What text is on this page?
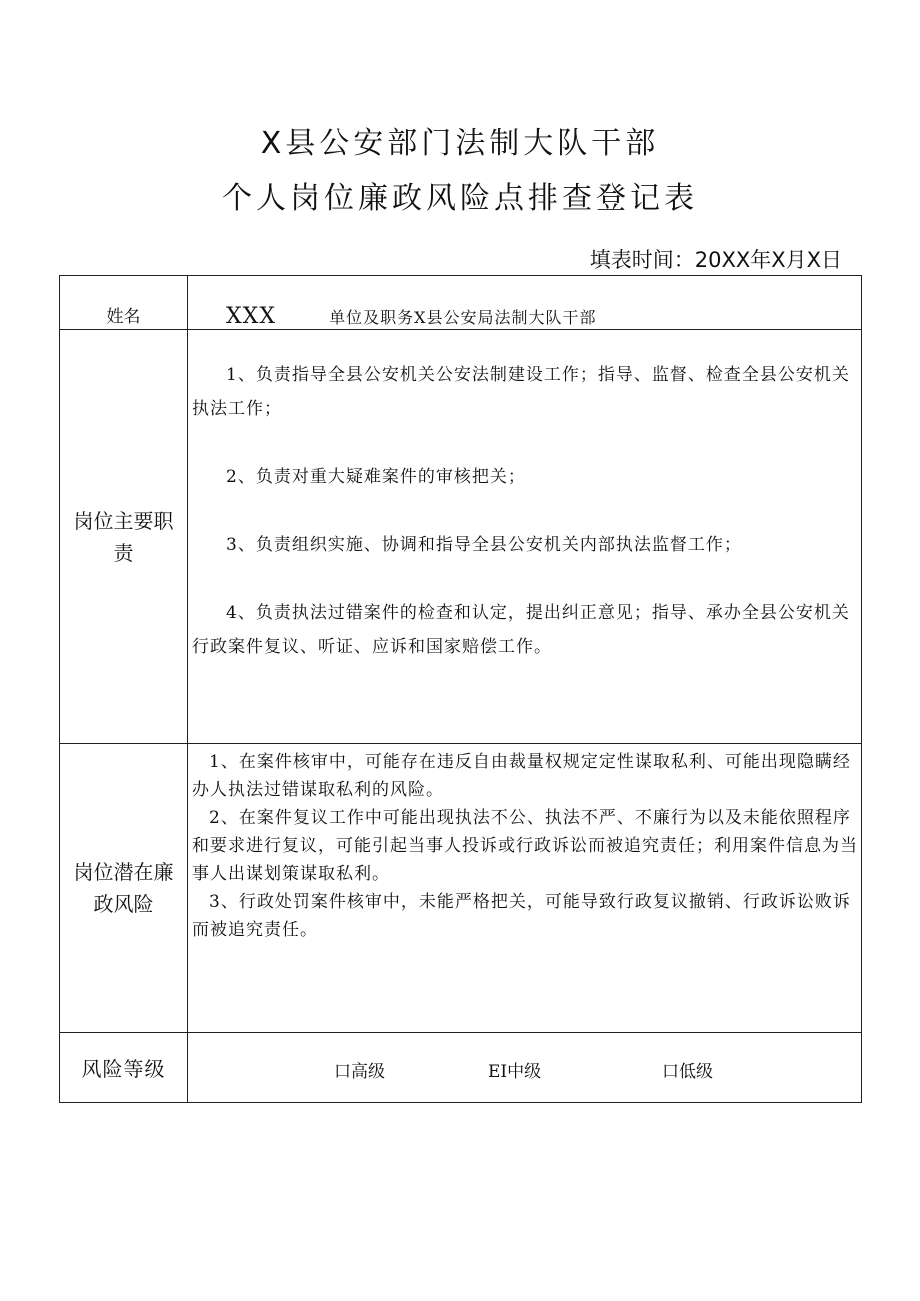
X县公安部门法制大队干部
个人岗位廉政风险点排查登记表
填表时间：20XX年X月X日
姓名	XXX 单位及职务X县公安局法制大队干部
岗位主要职责	1、负责指导全县公安机关公安法制建设工作；指导、监督、检查全县公安机关执法工作；

2、负责对重大疑难案件的审核把关；

3、负责组织实施、协调和指导全县公安机关内部执法监督工作；

4、负责执法过错案件的检查和认定，提出纠正意见；指导、承办全县公安机关行政案件复议、听证、应诉和国家赔偿工作。

岗位潜在廉政风险	1、在案件核审中，可能存在违反自由裁量权规定定性谋取私利、可能出现隐瞒经办人执法过错谋取私利的风险。

2、在案件复议工作中可能出现执法不公、执法不严、不廉行为以及未能依照程序和要求进行复议，可能引起当事人投诉或行政诉讼而被追究责任；利用案件信息为当事人出谋划策谋取私利。

3、行政处罚案件核审中，未能严格把关，可能导致行政复议撤销、行政诉讼败诉而被追究责任。

风险等级	口高级 EI中级 口低级
